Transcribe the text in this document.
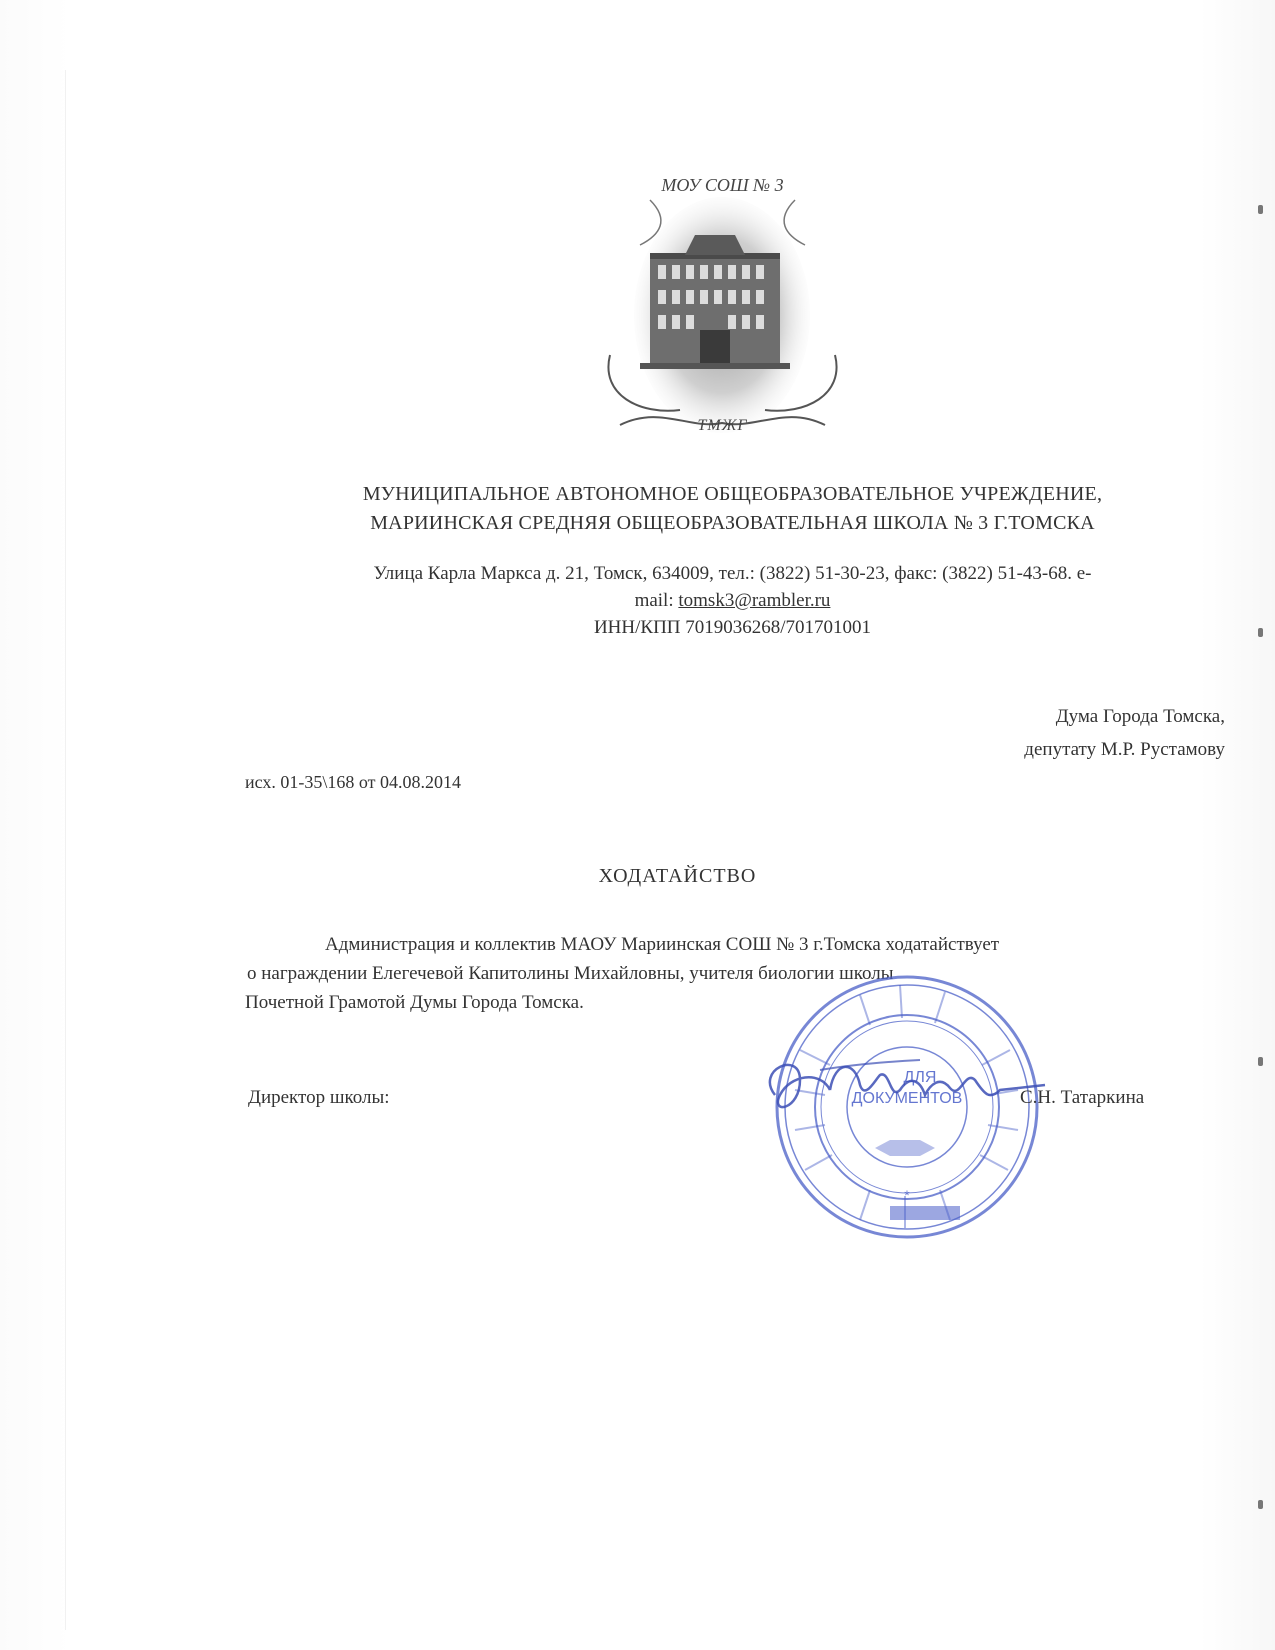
МОУ СОШ № 3
ТМЖГ
МУНИЦИПАЛЬНОЕ АВТОНОМНОЕ ОБЩЕОБРАЗОВАТЕЛЬНОЕ УЧРЕЖДЕНИЕ,
МАРИИНСКАЯ СРЕДНЯЯ ОБЩЕОБРАЗОВАТЕЛЬНАЯ ШКОЛА № 3 Г.ТОМСКА
Улица Карла Маркса д. 21, Томск, 634009, тел.: (3822) 51-30-23, факс: (3822) 51-43-68. e-
mail: tomsk3@rambler.ru
ИНН/КПП 7019036268/701701001
Дума Города Томска,
депутату М.Р. Рустамову
исх. 01-35\168 от 04.08.2014
ХОДАТАЙСТВО
Администрация и коллектив МАОУ Мариинская СОШ № 3 г.Томска ходатайствует
о награждении Елегечевой Капитолины Михайловны, учителя биологии школы
Почетной Грамотой Думы Города Томска.
ДЛЯ
ДОКУМЕНТОВ
*
Директор школы:	С.Н. Татаркина
